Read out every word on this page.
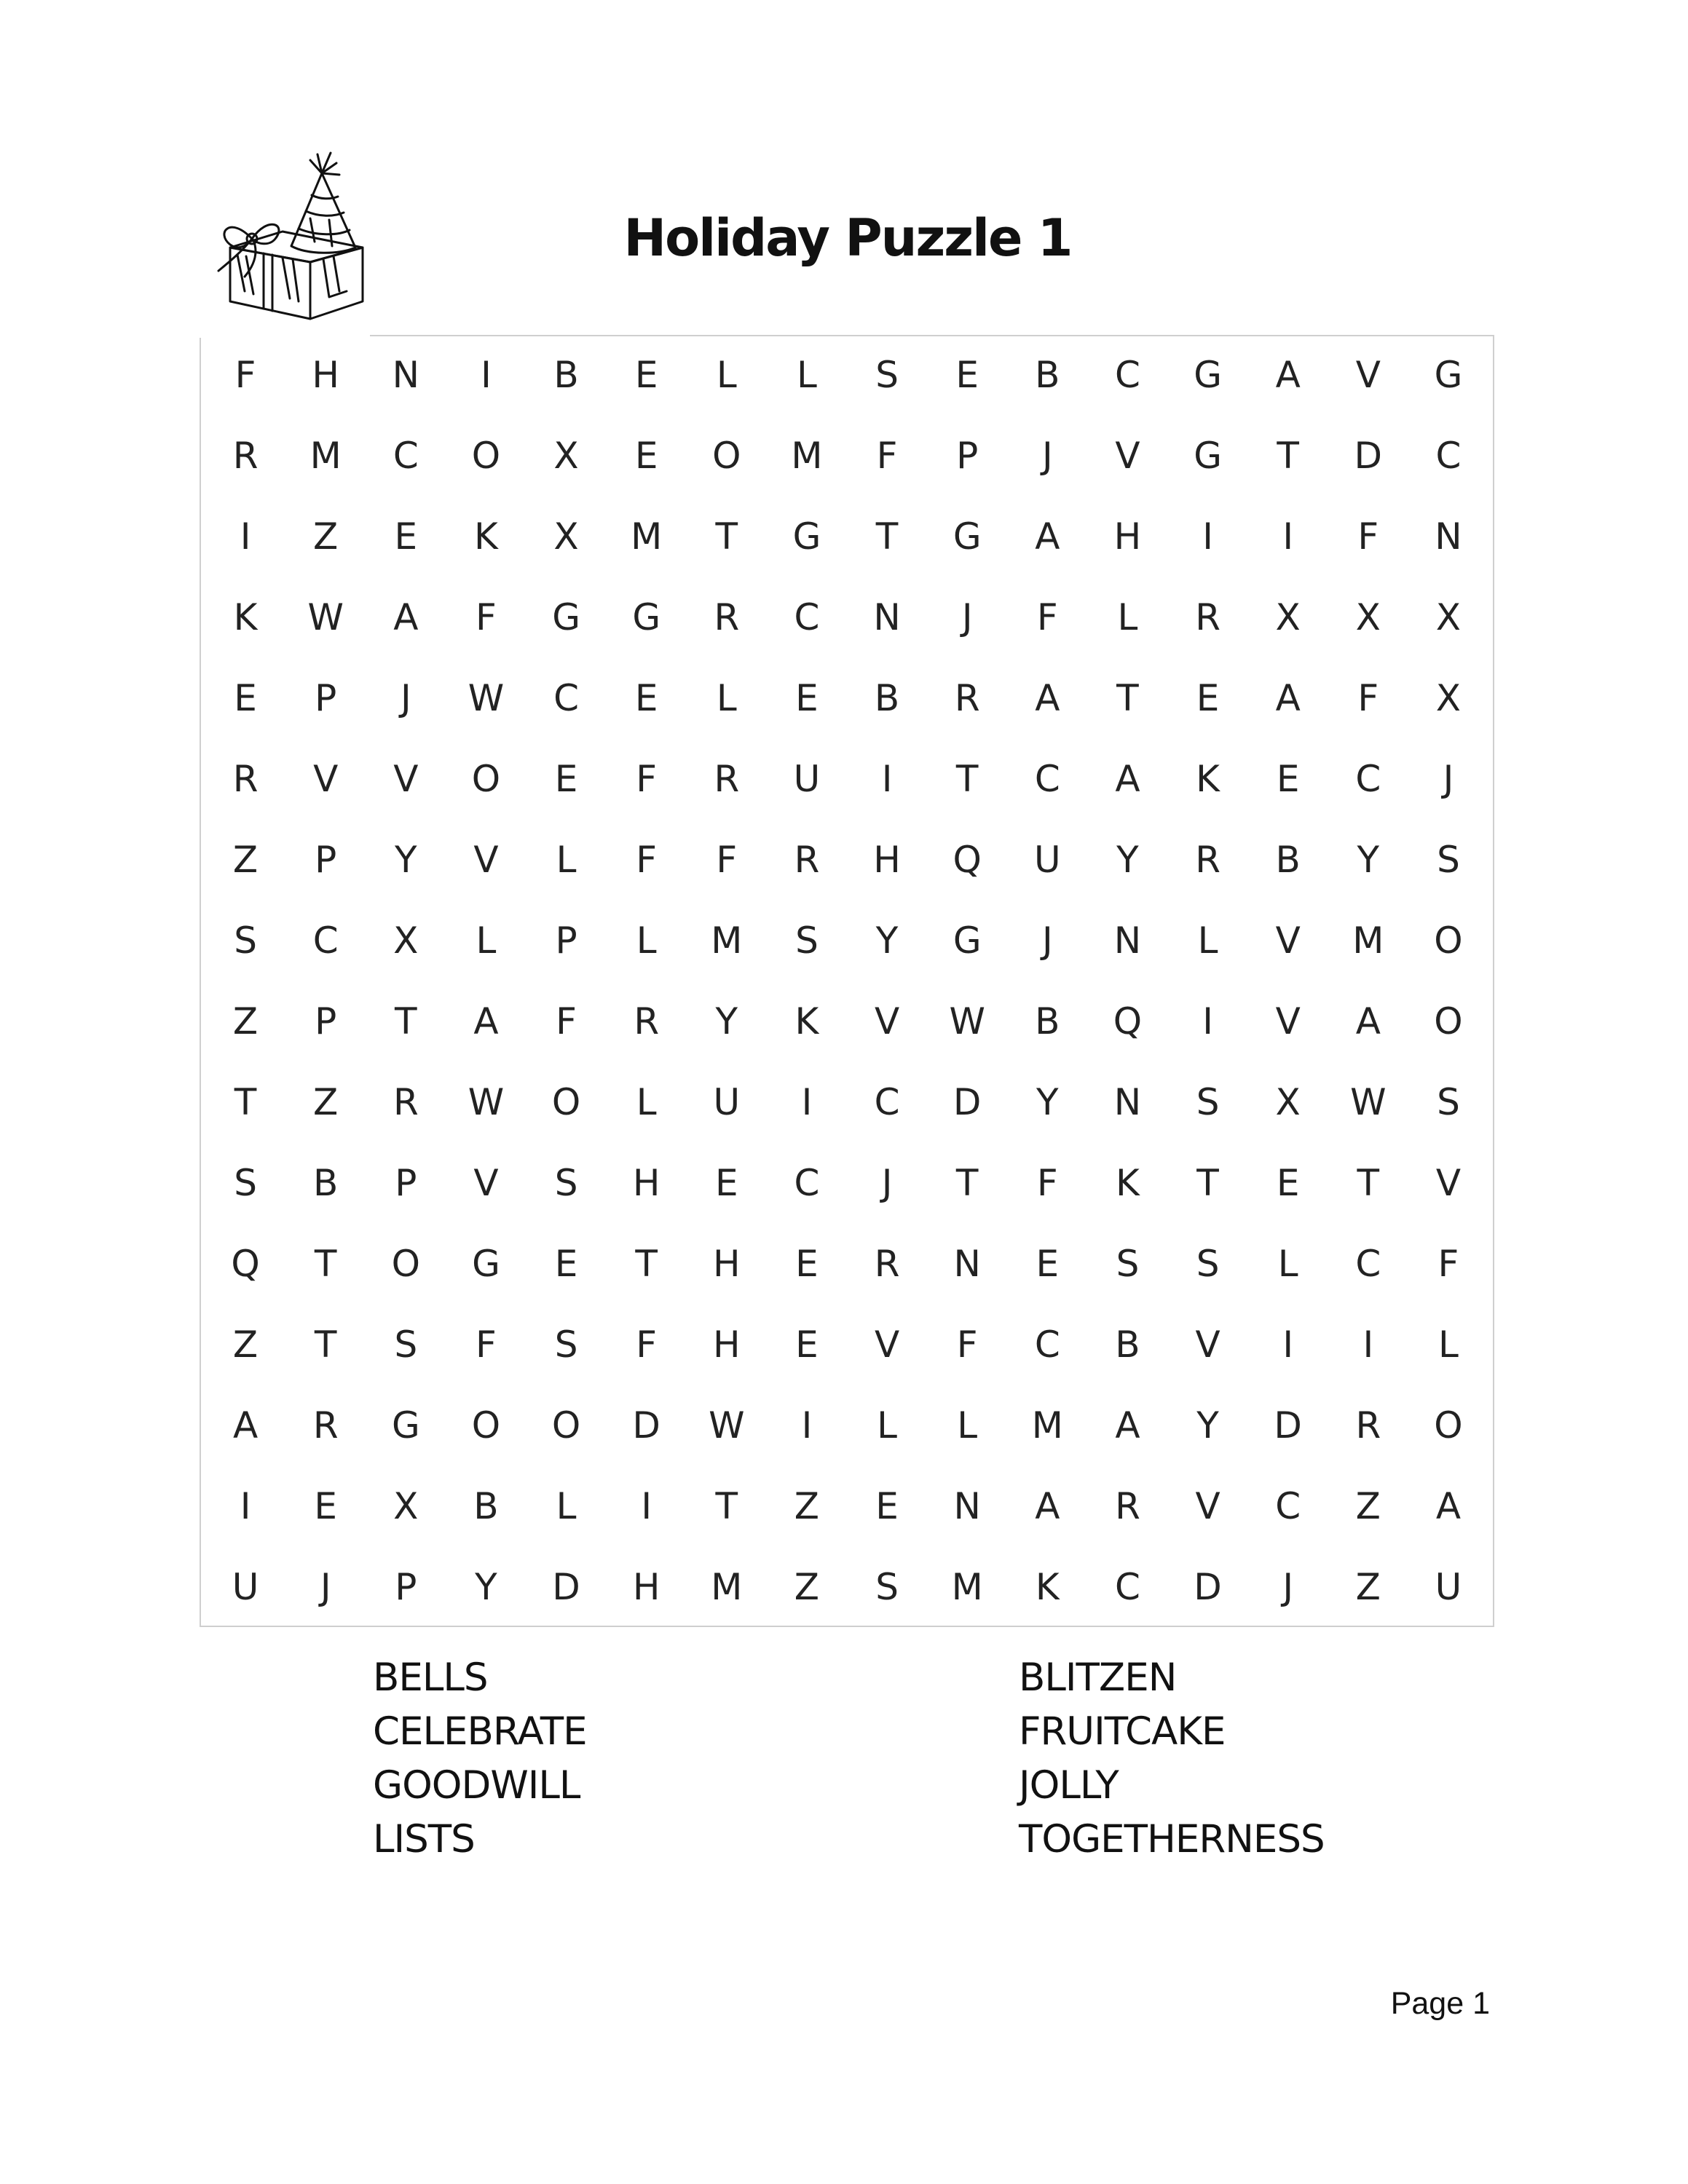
Holiday Puzzle 1
F	H	N	I	B	E	L	L	S	E	B	C	G	A	V	G
R	M	C	O	X	E	O	M	F	P	J	V	G	T	D	C
I	Z	E	K	X	M	T	G	T	G	A	H	I	I	F	N
K	W	A	F	G	G	R	C	N	J	F	L	R	X	X	X
E	P	J	W	C	E	L	E	B	R	A	T	E	A	F	X
R	V	V	O	E	F	R	U	I	T	C	A	K	E	C	J
Z	P	Y	V	L	F	F	R	H	Q	U	Y	R	B	Y	S
S	C	X	L	P	L	M	S	Y	G	J	N	L	V	M	O
Z	P	T	A	F	R	Y	K	V	W	B	Q	I	V	A	O
T	Z	R	W	O	L	U	I	C	D	Y	N	S	X	W	S
S	B	P	V	S	H	E	C	J	T	F	K	T	E	T	V
Q	T	O	G	E	T	H	E	R	N	E	S	S	L	C	F
Z	T	S	F	S	F	H	E	V	F	C	B	V	I	I	L
A	R	G	O	O	D	W	I	L	L	M	A	Y	D	R	O
I	E	X	B	L	I	T	Z	E	N	A	R	V	C	Z	A
U	J	P	Y	D	H	M	Z	S	M	K	C	D	J	Z	U
BELLS
CELEBRATE
GOODWILL
LISTS
BLITZEN
FRUITCAKE
JOLLY
TOGETHERNESS
Page 1
